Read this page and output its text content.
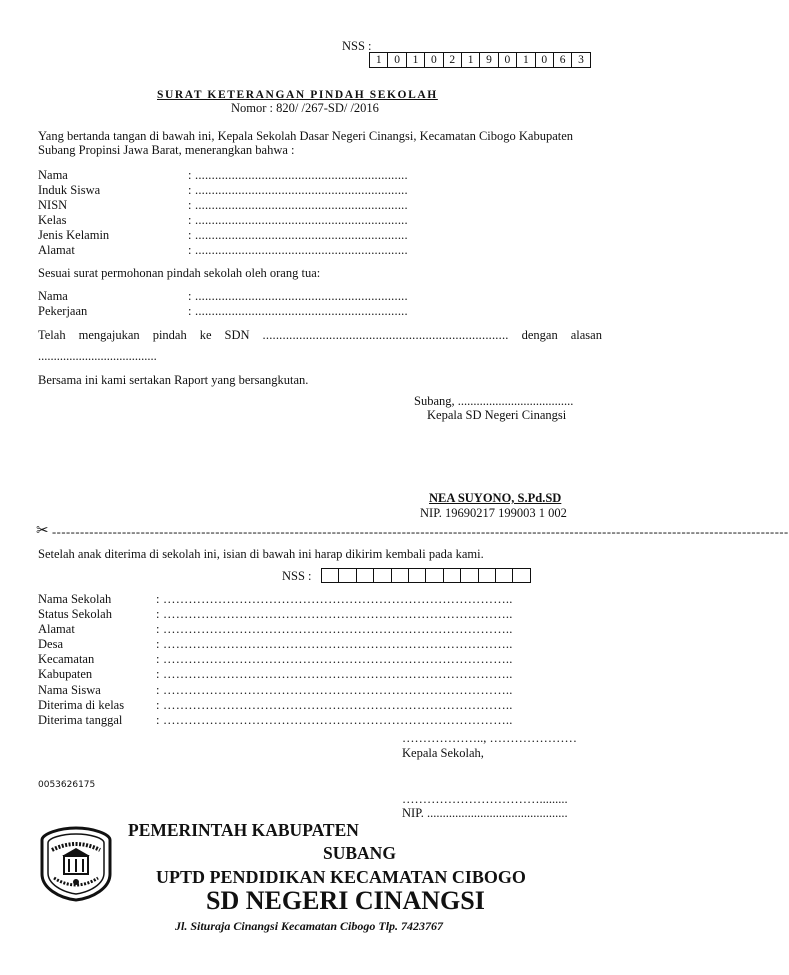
NSS :
1	0	1	0	2	1	9	0	1	0	6	3
SURAT KETERANGAN PINDAH SEKOLAH
Nomor : 820/ /267-SD/ /2016
Yang bertanda tangan di bawah ini, Kepala Sekolah Dasar Negeri Cinangsi, Kecamatan Cibogo Kabupaten
Subang Propinsi Jawa Barat, menerangkan bahwa :
Nama	: ................................................................
Induk Siswa	: ................................................................
NISN	: ................................................................
Kelas	: ................................................................
Jenis Kelamin	: ................................................................
Alamat	: ................................................................
Sesuai surat permohonan pindah sekolah oleh orang tua:
Nama	: ................................................................
Pekerjaan	: ................................................................
Telah mengajukan pindah ke SDN .......................................................................... dengan alasan
......................................
Bersama ini kami sertakan Raport yang bersangkutan.
Subang, .....................................
Kepala SD Negeri Cinangsi
NEA SUYONO, S.Pd.SD
NIP. 19690217 199003 1 002
✂ --------------------------------------------------------------------------------------------------------------------------------------------------------------
Setelah anak diterima di sekolah ini, isian di bawah ini harap dikirim kembali pada kami.
NSS :
Nama Sekolah	: ………………………………………………………………………..
Status Sekolah	: ………………………………………………………………………..
Alamat	: ………………………………………………………………………..
Desa	: ………………………………………………………………………..
Kecamatan	: ………………………………………………………………………..
Kabupaten	: ………………………………………………………………………..
Nama Siswa	: ………………………………………………………………………..
Diterima di kelas	: ………………………………………………………………………..
Diterima tanggal	: ………………………………………………………………………..
……………….., …………………
Kepala Sekolah,
…………………………….........
NIP. .............................................
0053626175
PEMERINTAH KABUPATEN
SUBANG
UPTD PENDIDIKAN KECAMATAN CIBOGO
SD NEGERI CINANGSI
Jl. Situraja Cinangsi Kecamatan Cibogo Tlp. 7423767
